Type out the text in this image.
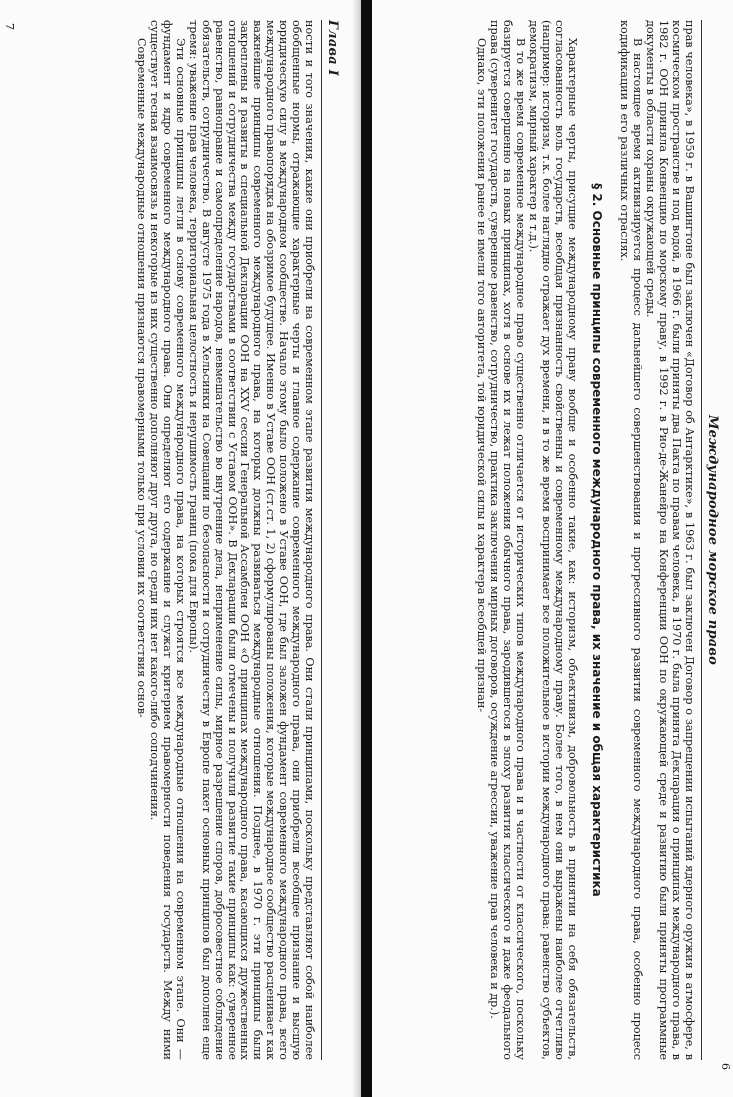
Глава I

ности и того значения, какие они приобрели на современном этапе развития международного права. Они стали принципами, поскольку представляют собой наиболее обобщенные нормы, отражающие характерные черты и главное содержание современного международного права, они приобрели всеобщее признание и высшую юридическую силу в международном сообществе. Начало этому было положено в Уставе ООН, где был заложен фундамент современного международного права, всего международного правопорядка на обозримое будущее. Именно в Уставе ООН (ст.ст. 1, 2) сформулированы положения, которые международное сообщество расценивает как важнейшие принципы современного международного права, на которых должны развиваться международные отношения. Позднее, в 1970 г. эти принципы были закреплены и развиты в специальной Декларации ООН на XXV сессии Генеральной Ассамблеи ООН «О принципах международного права, касающихся дружественных отношений и сотрудничества между государствами в соответствии с Уставом ООН». В Декларации были отмечены и получили развитие такие принципы как: суверенное равенство, равноправие и самоопределение народов, невмешательство во внутренние дела, неприменение силы, мирное разрешение споров, добросовестное соблюдение обязательств, сотрудничество. В августе 1975 года в Хельсинки на Совещании по безопасности и сотрудничеству в Европе пакет основных принципов был дополнен еще тремя: уважение прав человека, территориальная целостность и нерушимость границ (пока для Европы).

Эти основные принципы легли в основу современного международного права, на которых строятся все международные отношения на современном этапе. Они — фундамент и ядро современного международного права. Они определяют его содержание и служат критерием правомерности поведения государств. Между ними существует тесная взаимосвязь и некоторые из них существенно дополняют друг друга, но среди них нет какого-либо соподчинения.

Современные международные отношения признаются правомерными только при условии их соответствия основ-

7
Международное морское право

прав человека», в 1959 г. в Вашингтоне был заключен «Договор об Антарктике», в 1963 г. был заключен Договор о запрещении испытаний ядерного оружия в атмосфере, в космическом пространстве и под водой, в 1966 г. были приняты два Пакта по правам человека, в 1970 г. была принята Декларация о принципах международного права, в 1982 г. ООН приняла Конвенцию по морскому праву, в 1992 г. в Рио-де-Жанейро на Конференции ООН по окружающей среде и развитию были приняты программные документы в области охраны окружающей среды.

В настоящее время активизируется процесс дальнейшего совершенствования и прогрессивного развития современного международного права, особенно процесс кодификации в его различных отраслях.

§ 2. Основные принципы современного международного права, их значение и общая характеристика

Характерные черты, присущие международному праву вообще и особенно такие, как: историзм, объективизм, добровольность в принятии на себя обязательств, согласованность воль государств, всеобщая признанность свойственны и современному международному праву. Более того, в нем они выражены наиболее отчетливо (например: историзм, т.к. более наглядно отражает дух времени, и в то же время воспринимает все положительное в истории международного права: равенство субъектов, демократизм, мирный характер и т.д.).

В то же время современное международное право существенно отличается от исторических типов международного права и в частности от классического, поскольку базируется совершенно на новых принципах, хотя в основе их и лежат положения обычного права, зародившегося в эпоху развития классического и даже феодального права (суверенитет государств, суверенное равенство, сотрудничество, практика заключения мирных договоров, осуждение агрессии, уважение прав человека и др.).

Однако, эти положения ранее не имели того авторитета, той юридической силы и характера всеобщей признан-

6
